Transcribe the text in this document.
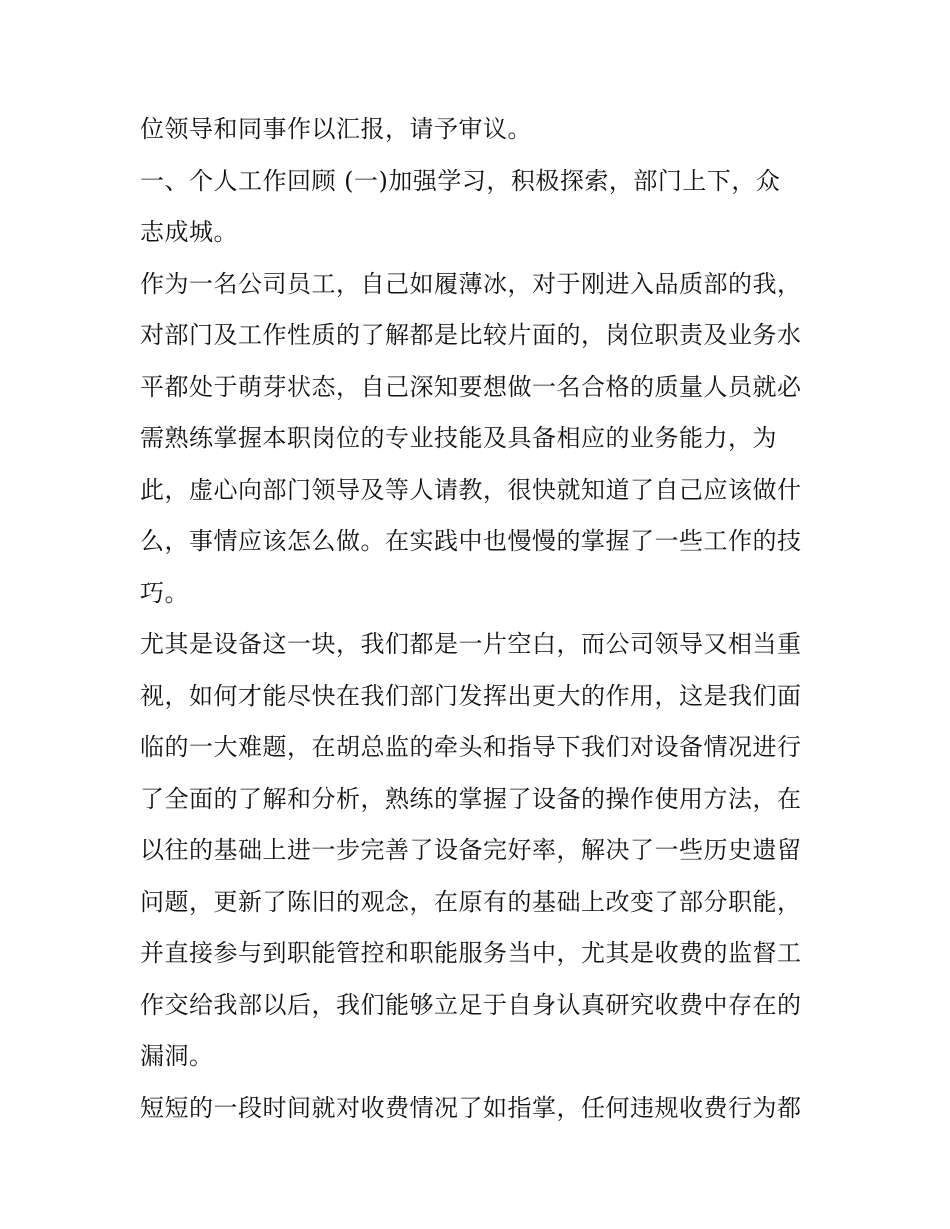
位领导和同事作以汇报，请予审议。
一、个人工作回顾 (一)加强学习，积极探索，部门上下，众
志成城。
作为一名公司员工，自己如履薄冰，对于刚进入品质部的我，
对部门及工作性质的了解都是比较片面的，岗位职责及业务水
平都处于萌芽状态，自己深知要想做一名合格的质量人员就必
需熟练掌握本职岗位的专业技能及具备相应的业务能力，为
此，虚心向部门领导及等人请教，很快就知道了自己应该做什
么，事情应该怎么做。在实践中也慢慢的掌握了一些工作的技
巧。
尤其是设备这一块，我们都是一片空白，而公司领导又相当重
视，如何才能尽快在我们部门发挥出更大的作用，这是我们面
临的一大难题，在胡总监的牵头和指导下我们对设备情况进行
了全面的了解和分析，熟练的掌握了设备的操作使用方法，在
以往的基础上进一步完善了设备完好率，解决了一些历史遗留
问题，更新了陈旧的观念，在原有的基础上改变了部分职能，
并直接参与到职能管控和职能服务当中，尤其是收费的监督工
作交给我部以后，我们能够立足于自身认真研究收费中存在的
漏洞。
短短的一段时间就对收费情况了如指掌，任何违规收费行为都
